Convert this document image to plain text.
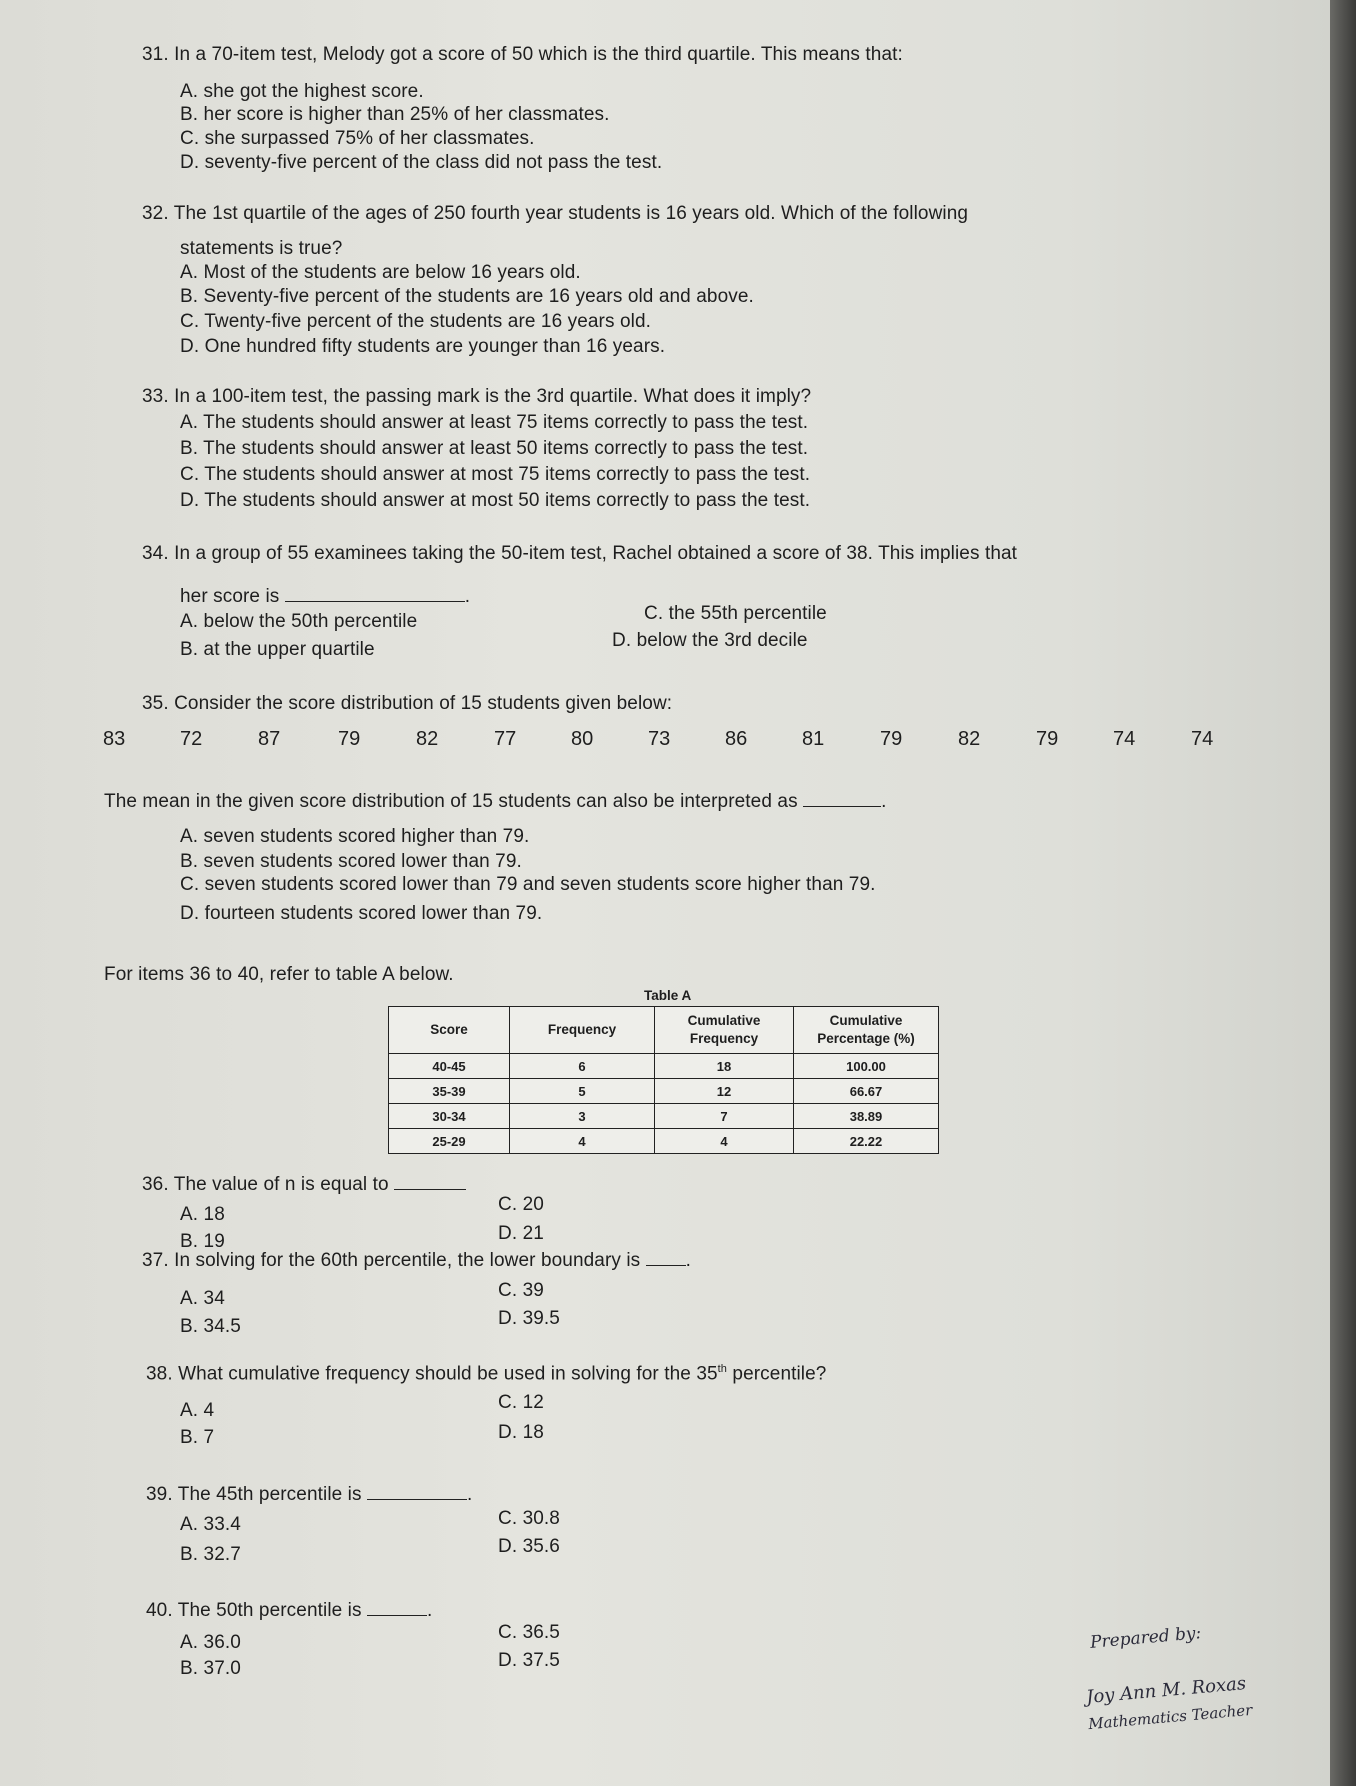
31. In a 70-item test, Melody got a score of 50 which is the third quartile. This means that:
A. she got the highest score.
B. her score is higher than 25% of her classmates.
C. she surpassed 75% of her classmates.
D. seventy-five percent of the class did not pass the test.
32. The 1st quartile of the ages of 250 fourth year students is 16 years old. Which of the following
statements is true?
A. Most of the students are below 16 years old.
B. Seventy-five percent of the students are 16 years old and above.
C. Twenty-five percent of the students are 16 years old.
D. One hundred fifty students are younger than 16 years.
33. In a 100-item test, the passing mark is the 3rd quartile. What does it imply?
A. The students should answer at least 75 items correctly to pass the test.
B. The students should answer at least 50 items correctly to pass the test.
C. The students should answer at most 75 items correctly to pass the test.
D. The students should answer at most 50 items correctly to pass the test.
34. In a group of 55 examinees taking the 50-item test, Rachel obtained a score of 38. This implies that
her score is	.
A. below the 50th percentile
B. at the upper quartile
C. the 55th percentile
D. below the 3rd decile
35. Consider the score distribution of 15 students given below:
83	72	87	79	82	77	80	73	86	81	79	82	79	74	74
The mean in the given score distribution of 15 students can also be interpreted as	.
A. seven students scored higher than 79.
B. seven students scored lower than 79.
C. seven students scored lower than 79 and seven students score higher than 79.
D. fourteen students scored lower than 79.
For items 36 to 40, refer to table A below.
Table A
Score	Frequency	Cumulative Frequency	Cumulative Percentage (%)
40-45	6	18	100.00
35-39	5	12	66.67
30-34	3	7	38.89
25-29	4	4	22.22
36. The value of n is equal to
A. 18
B. 19
C. 20
D. 21
37. In solving for the 60th percentile, the lower boundary is .
A. 34
B. 34.5
C. 39
D. 39.5
38. What cumulative frequency should be used in solving for the 35th percentile?
A. 4
B. 7
C. 12
D. 18
39. The 45th percentile is	.
A. 33.4
B. 32.7
C. 30.8
D. 35.6
40. The 50th percentile is	.
A. 36.0
B. 37.0
C. 36.5
D. 37.5
Prepared by:
Joy Ann M. Roxas
Mathematics Teacher
